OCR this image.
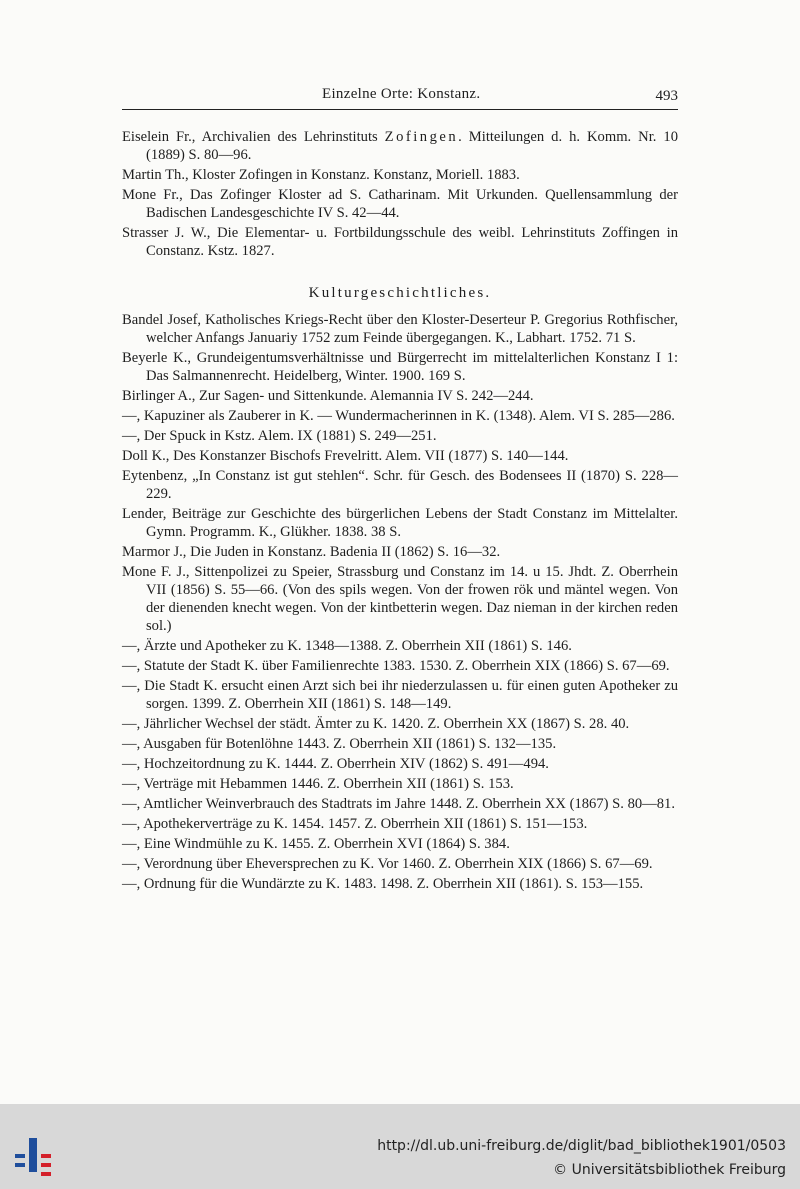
Einzelne Orte: Konstanz.	493

Eiselein Fr., Archivalien des Lehrinstituts Zofingen. Mitteilungen d. h. Komm. Nr. 10 (1889) S. 80—96.

Martin Th., Kloster Zofingen in Konstanz. Konstanz, Moriell. 1883.

Mone Fr., Das Zofinger Kloster ad S. Catharinam. Mit Urkunden. Quellensammlung der Badischen Landesgeschichte IV S. 42—44.

Strasser J. W., Die Elementar- u. Fortbildungsschule des weibl. Lehrinstituts Zoffingen in Constanz. Kstz. 1827.

Kulturgeschichtliches.

Bandel Josef, Katholisches Kriegs-Recht über den Kloster-Deserteur P. Gregorius Rothfischer, welcher Anfangs Januariy 1752 zum Feinde übergegangen. K., Labhart. 1752. 71 S.

Beyerle K., Grundeigentumsverhältnisse und Bürgerrecht im mittelalterlichen Konstanz I 1: Das Salmannenrecht. Heidelberg, Winter. 1900. 169 S.

Birlinger A., Zur Sagen- und Sittenkunde. Alemannia IV S. 242—244.

—, Kapuziner als Zauberer in K. — Wundermacherinnen in K. (1348). Alem. VI S. 285—286.

—, Der Spuck in Kstz. Alem. IX (1881) S. 249—251.

Doll K., Des Konstanzer Bischofs Frevelritt. Alem. VII (1877) S. 140—144.

Eytenbenz, „In Constanz ist gut stehlen“. Schr. für Gesch. des Bodensees II (1870) S. 228—229.

Lender, Beiträge zur Geschichte des bürgerlichen Lebens der Stadt Constanz im Mittelalter. Gymn. Programm. K., Glükher. 1838. 38 S.

Marmor J., Die Juden in Konstanz. Badenia II (1862) S. 16—32.

Mone F. J., Sittenpolizei zu Speier, Strassburg und Constanz im 14. u 15. Jhdt. Z. Oberrhein VII (1856) S. 55—66. (Von des spils wegen. Von der frowen rök und mäntel wegen. Von der dienenden knecht wegen. Von der kintbetterin wegen. Daz nieman in der kirchen reden sol.)

—, Ärzte und Apotheker zu K. 1348—1388. Z. Oberrhein XII (1861) S. 146.

—, Statute der Stadt K. über Familienrechte 1383. 1530. Z. Oberrhein XIX (1866) S. 67—69.

—, Die Stadt K. ersucht einen Arzt sich bei ihr niederzulassen u. für einen guten Apotheker zu sorgen. 1399. Z. Oberrhein XII (1861) S. 148—149.

—, Jährlicher Wechsel der städt. Ämter zu K. 1420. Z. Oberrhein XX (1867) S. 28. 40.

—, Ausgaben für Botenlöhne 1443. Z. Oberrhein XII (1861) S. 132—135.

—, Hochzeitordnung zu K. 1444. Z. Oberrhein XIV (1862) S. 491—494.

—, Verträge mit Hebammen 1446. Z. Oberrhein XII (1861) S. 153.

—, Amtlicher Weinverbrauch des Stadtrats im Jahre 1448. Z. Oberrhein XX (1867) S. 80—81.

—, Apothekerverträge zu K. 1454. 1457. Z. Oberrhein XII (1861) S. 151—153.

—, Eine Windmühle zu K. 1455. Z. Oberrhein XVI (1864) S. 384.

—, Verordnung über Eheversprechen zu K. Vor 1460. Z. Oberrhein XIX (1866) S. 67—69.

—, Ordnung für die Wundärzte zu K. 1483. 1498. Z. Oberrhein XII (1861). S. 153—155.

http://dl.ub.uni-freiburg.de/diglit/bad_bibliothek1901/0503
© Universitätsbibliothek Freiburg
